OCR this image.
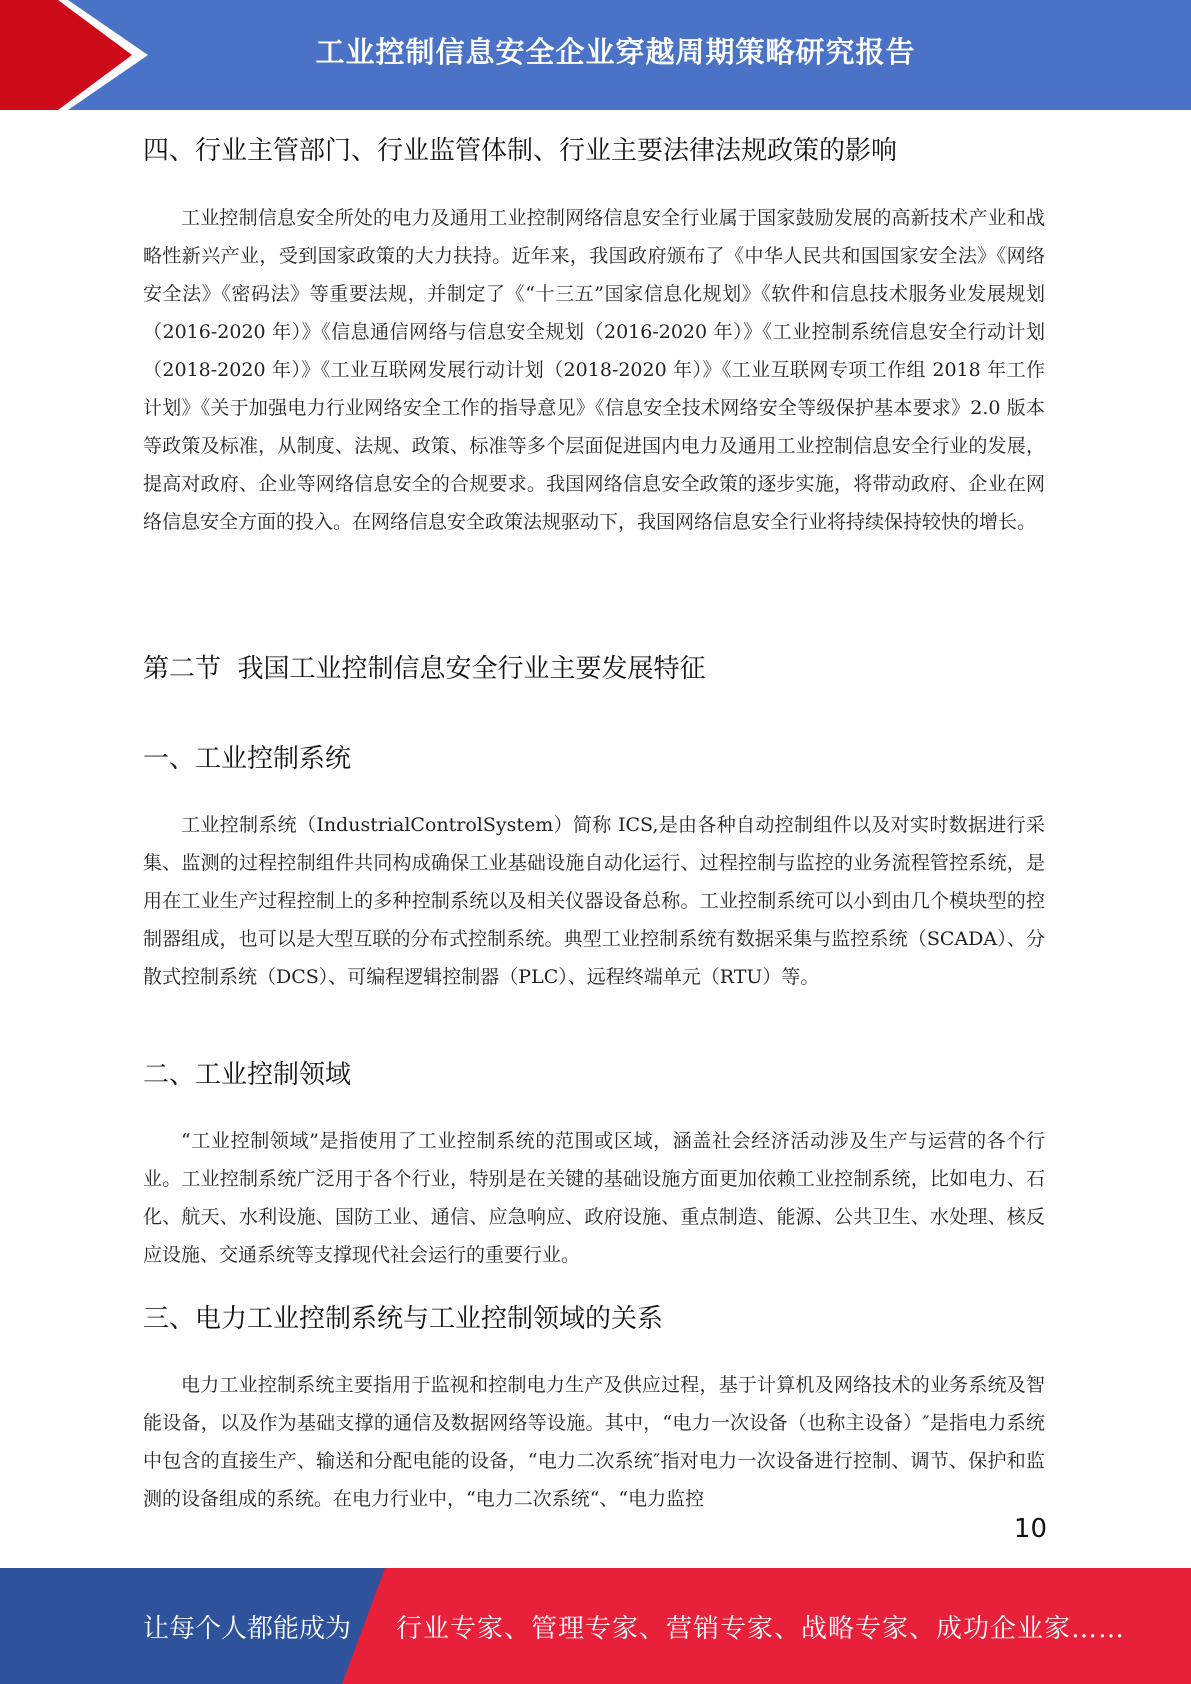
工业控制信息安全企业穿越周期策略研究报告
四、行业主管部门、行业监管体制、行业主要法律法规政策的影响

工业控制信息安全所处的电力及通用工业控制网络信息安全行业属于国家鼓励发展的高新技术产业和战略性新兴产业，受到国家政策的大力扶持。近年来，我国政府颁布了《中华人民共和国国家安全法》《网络安全法》《密码法》等重要法规，并制定了《“十三五”国家信息化规划》《软件和信息技术服务业发展规划（2016-2020 年）》《信息通信网络与信息安全规划（2016-2020 年）》《工业控制系统信息安全行动计划（2018-2020 年）》《工业互联网发展行动计划（2018-2020 年）》《工业互联网专项工作组 2018 年工作计划》《关于加强电力行业网络安全工作的指导意见》《信息安全技术网络安全等级保护基本要求》2.0 版本等政策及标准，从制度、法规、政策、标准等多个层面促进国内电力及通用工业控制信息安全行业的发展，提高对政府、企业等网络信息安全的合规要求。我国网络信息安全政策的逐步实施，将带动政府、企业在网络信息安全方面的投入。在网络信息安全政策法规驱动下，我国网络信息安全行业将持续保持较快的增长。

第二节  我国工业控制信息安全行业主要发展特征
一、工业控制系统

工业控制系统（IndustrialControlSystem）简称 ICS,是由各种自动控制组件以及对实时数据进行采集、监测的过程控制组件共同构成确保工业基础设施自动化运行、过程控制与监控的业务流程管控系统，是用在工业生产过程控制上的多种控制系统以及相关仪器设备总称。工业控制系统可以小到由几个模块型的控制器组成，也可以是大型互联的分布式控制系统。典型工业控制系统有数据采集与监控系统（SCADA）、分散式控制系统（DCS）、可编程逻辑控制器（PLC）、远程终端单元（RTU）等。

二、工业控制领域

“工业控制领域”是指使用了工业控制系统的范围或区域，涵盖社会经济活动涉及生产与运营的各个行业。工业控制系统广泛用于各个行业，特别是在关键的基础设施方面更加依赖工业控制系统，比如电力、石化、航天、水利设施、国防工业、通信、应急响应、政府设施、重点制造、能源、公共卫生、水处理、核反应设施、交通系统等支撑现代社会运行的重要行业。

三、电力工业控制系统与工业控制领域的关系

电力工业控制系统主要指用于监视和控制电力生产及供应过程，基于计算机及网络技术的业务系统及智能设备，以及作为基础支撑的通信及数据网络等设施。其中，“电力一次设备（也称主设备）″是指电力系统中包含的直接生产、输送和分配电能的设备，“电力二次系统″指对电力一次设备进行控制、调节、保护和监测的设备组成的系统。在电力行业中，“电力二次系统“、“电力监控

10
让每个人都能成为 行业专家、管理专家、营销专家、战略专家、成功企业家……
